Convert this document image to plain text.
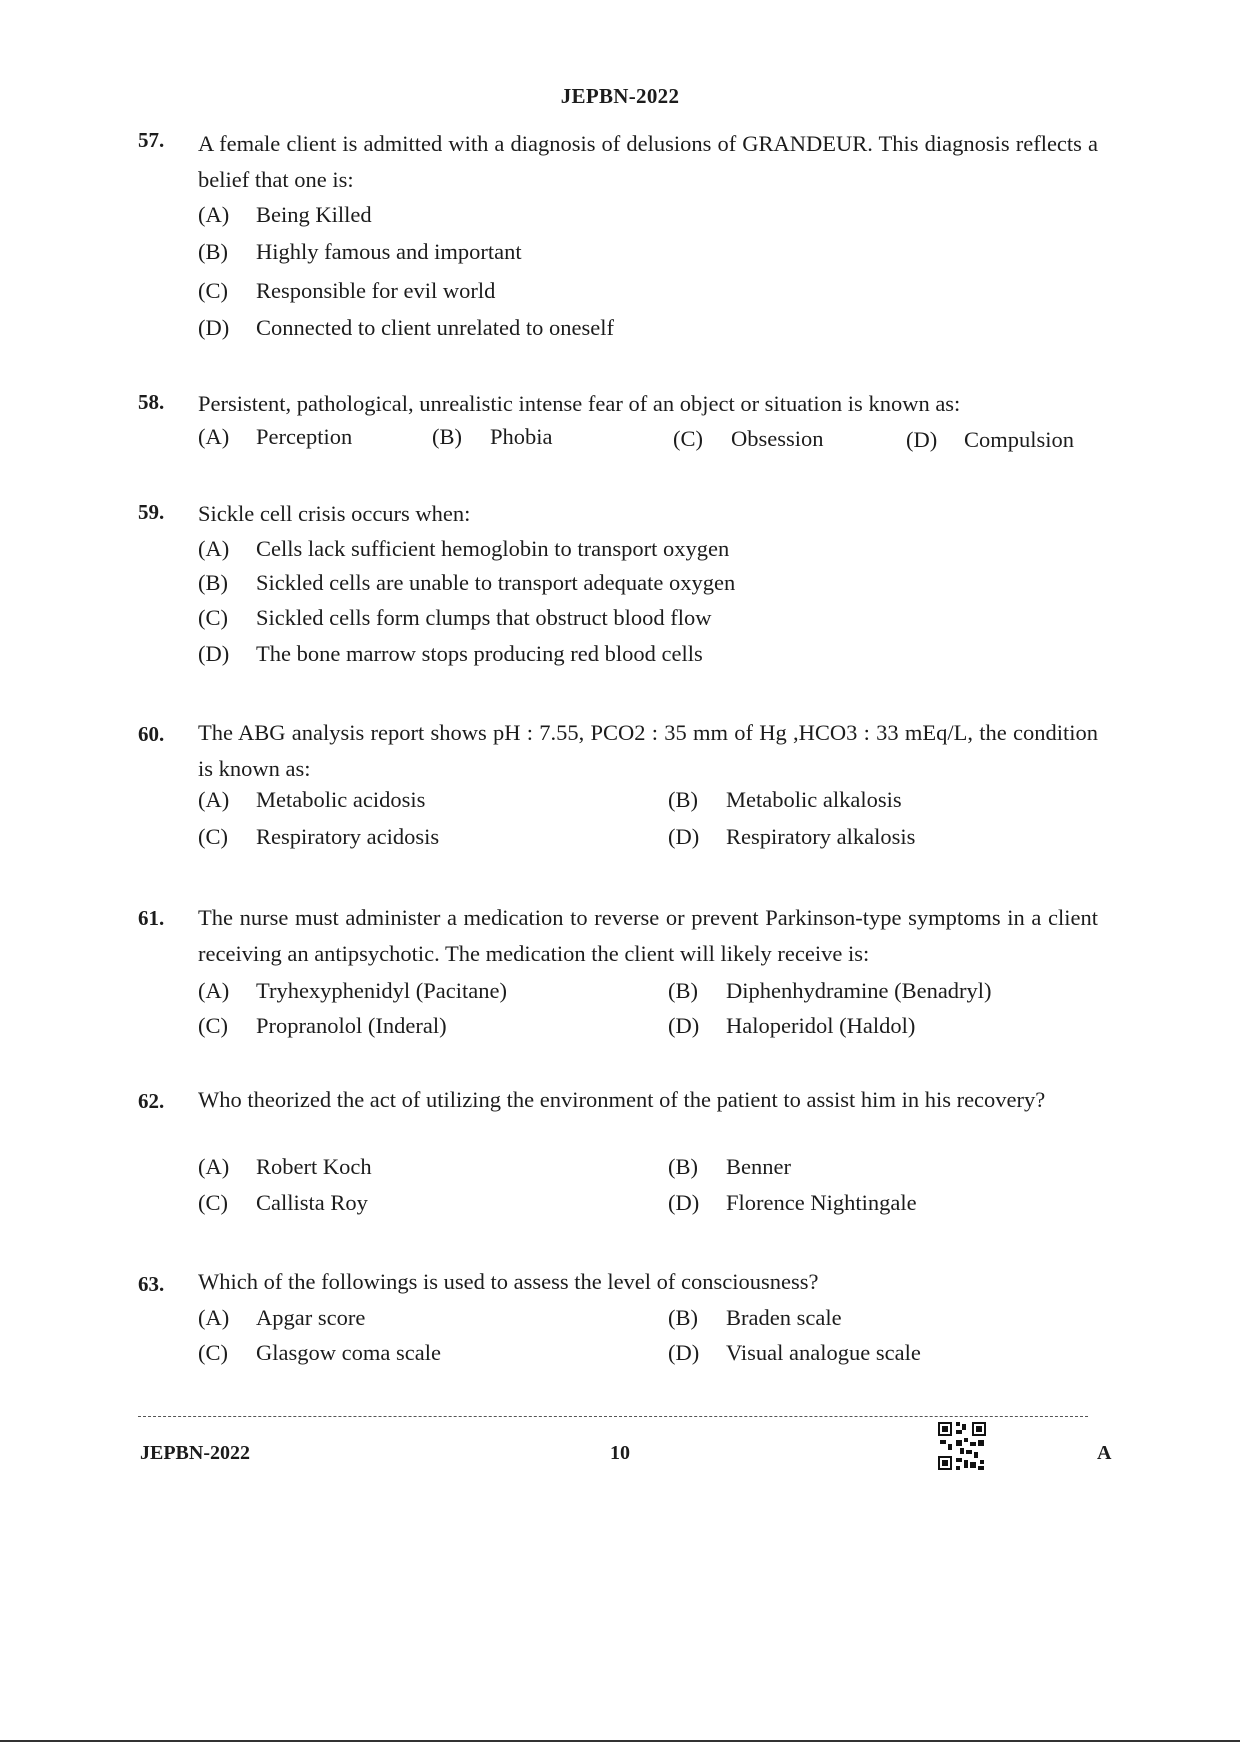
JEPBN-2022
57. A female client is admitted with a diagnosis of delusions of GRANDEUR. This diagnosis reflects a belief that one is:
(A) Being Killed
(B) Highly famous and important
(C) Responsible for evil world
(D) Connected to client unrelated to oneself
58. Persistent, pathological, unrealistic intense fear of an object or situation is known as:
(A) Perception	(B) Phobia	(C) Obsession	(D) Compulsion
59. Sickle cell crisis occurs when:
(A) Cells lack sufficient hemoglobin to transport oxygen
(B) Sickled cells are unable to transport adequate oxygen
(C) Sickled cells form clumps that obstruct blood flow
(D) The bone marrow stops producing red blood cells
60. The ABG analysis report shows pH : 7.55, PCO2 : 35 mm of Hg ,HCO3 : 33 mEq/L, the condition is known as:
(A) Metabolic acidosis	(B) Metabolic alkalosis
(C) Respiratory acidosis	(D) Respiratory alkalosis
61. The nurse must administer a medication to reverse or prevent Parkinson-type symptoms in a client receiving an antipsychotic. The medication the client will likely receive is:
(A) Tryhexyphenidyl (Pacitane)	(B) Diphenhydramine (Benadryl)
(C) Propranolol (Inderal)	(D) Haloperidol (Haldol)
62. Who theorized the act of utilizing the environment of the patient to assist him in his recovery?
(A) Robert Koch	(B) Benner
(C) Callista Roy	(D) Florence Nightingale
63. Which of the followings is used to assess the level of consciousness?
(A) Apgar score	(B) Braden scale
(C) Glasgow coma scale	(D) Visual analogue scale
JEPBN-2022	10	A
